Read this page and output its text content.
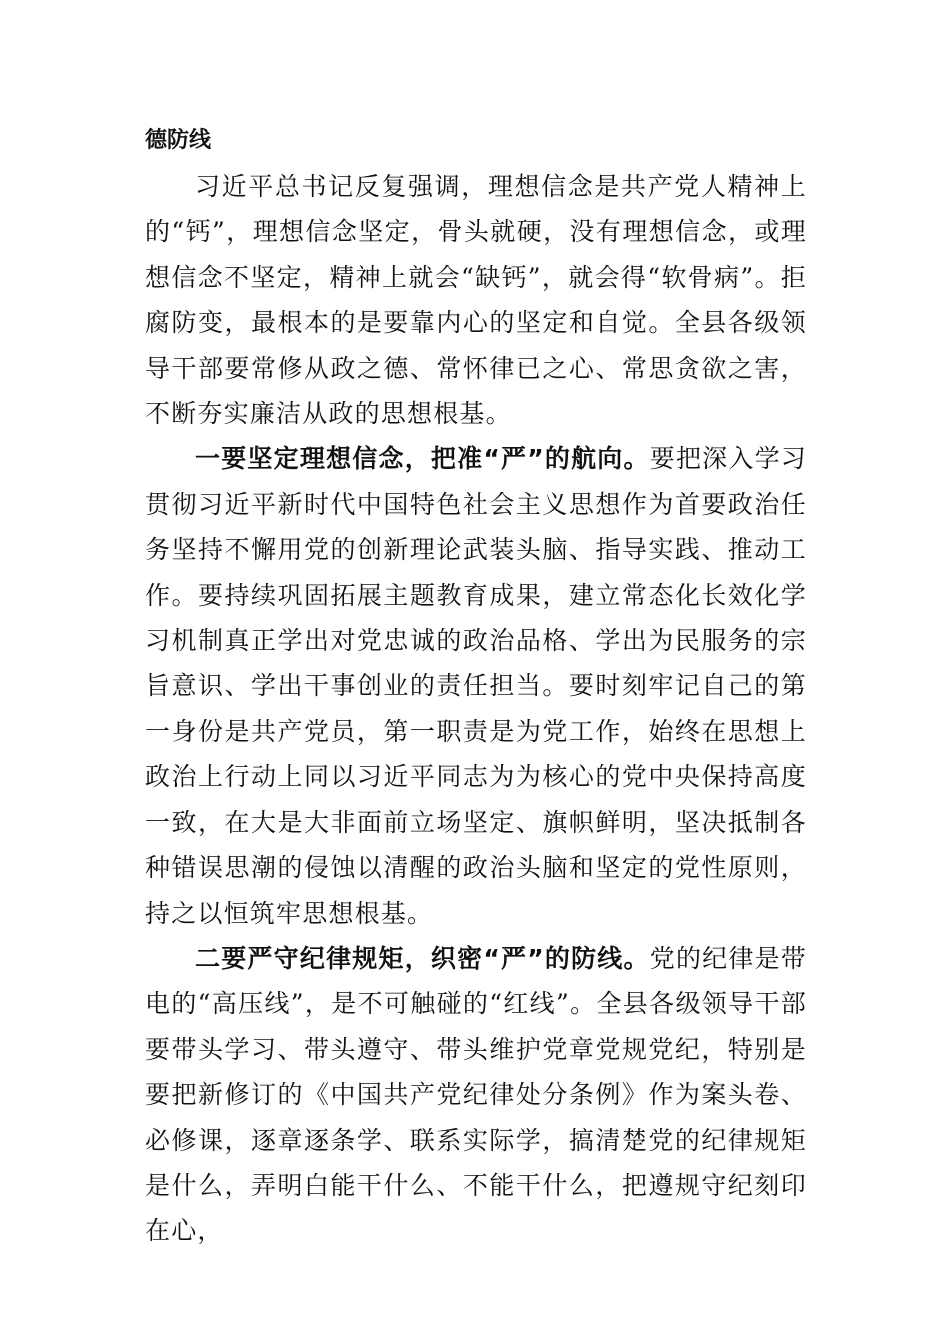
德防线

习近平总书记反复强调，理想信念是共产党人精神上的“钙”，理想信念坚定，骨头就硬，没有理想信念，或理想信念不坚定，精神上就会“缺钙”，就会得“软骨病”。拒腐防变，最根本的是要靠内心的坚定和自觉。全县各级领导干部要常修从政之德、常怀律已之心、常思贪欲之害，不断夯实廉洁从政的思想根基。

一要坚定理想信念，把准“严”的航向。要把深入学习贯彻习近平新时代中国特色社会主义思想作为首要政治任务坚持不懈用党的创新理论武装头脑、指导实践、推动工作。要持续巩固拓展主题教育成果，建立常态化长效化学习机制真正学出对党忠诚的政治品格、学出为民服务的宗旨意识、学出干事创业的责任担当。要时刻牢记自己的第一身份是共产党员，第一职责是为党工作，始终在思想上政治上行动上同以习近平同志为为核心的党中央保持高度一致，在大是大非面前立场坚定、旗帜鲜明，坚决抵制各种错误思潮的侵蚀以清醒的政治头脑和坚定的党性原则，持之以恒筑牢思想根基。

二要严守纪律规矩，织密“严”的防线。党的纪律是带电的“高压线”，是不可触碰的“红线”。全县各级领导干部要带头学习、带头遵守、带头维护党章党规党纪，特别是要把新修订的《中国共产党纪律处分条例》作为案头卷、必修课，逐章逐条学、联系实际学，搞清楚党的纪律规矩是什么，弄明白能干什么、不能干什么，把遵规守纪刻印在心，
